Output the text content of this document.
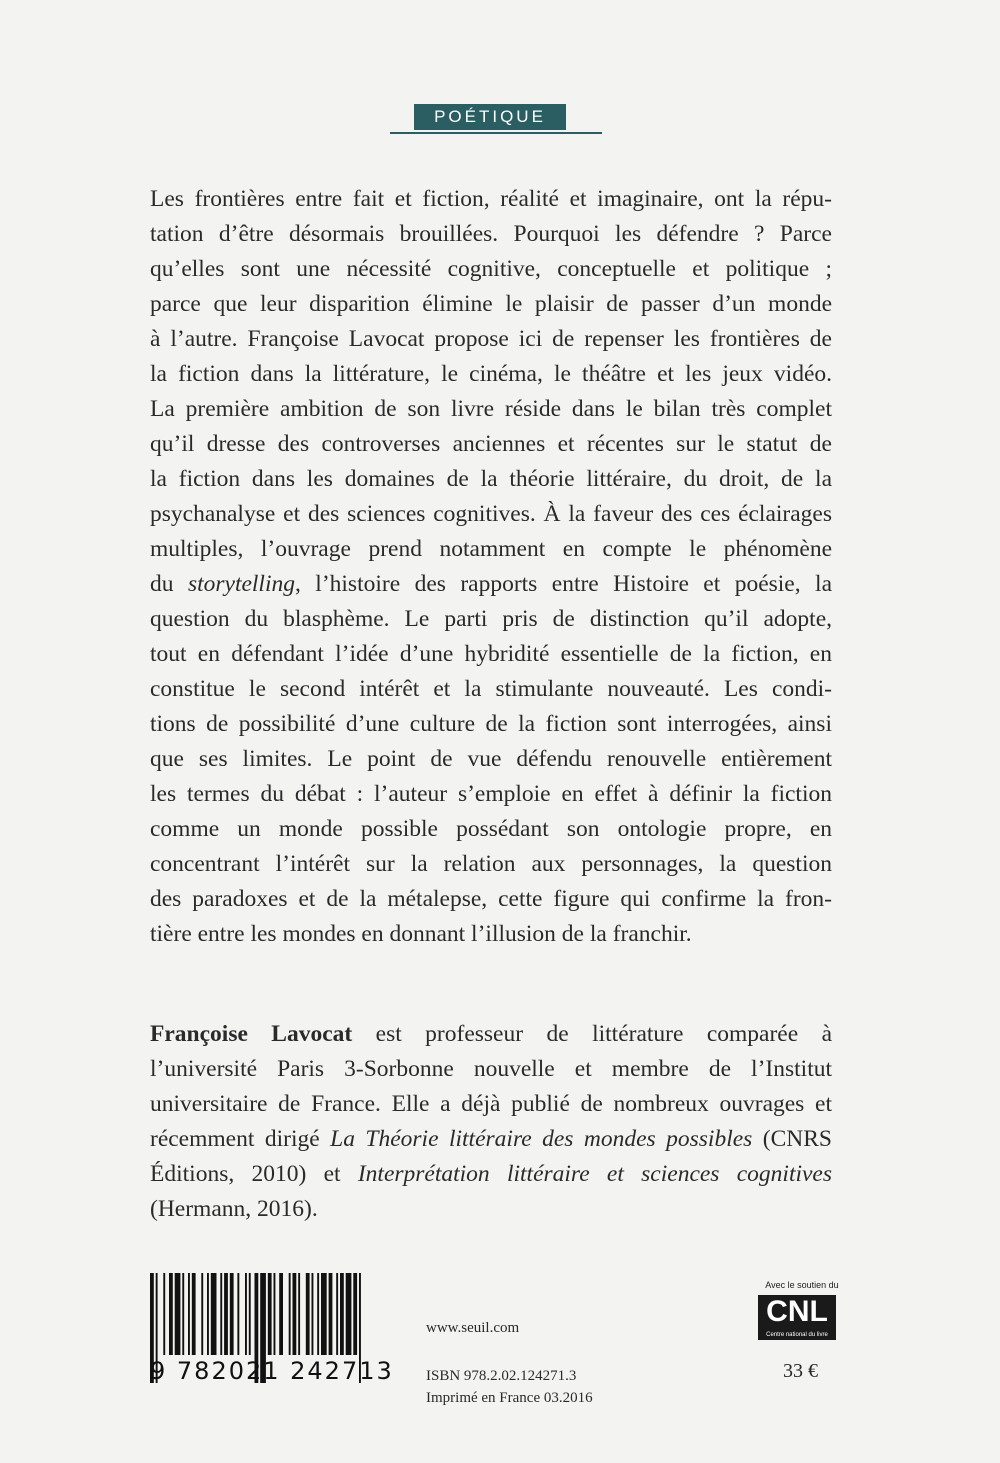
POÉTIQUE
Les frontières entre fait et fiction, réalité et imaginaire, ont la répu-
tation d’être désormais brouillées. Pourquoi les défendre ? Parce
qu’elles sont une nécessité cognitive, conceptuelle et politique ;
parce que leur disparition élimine le plaisir de passer d’un monde
à l’autre. Françoise Lavocat propose ici de repenser les frontières de
la fiction dans la littérature, le cinéma, le théâtre et les jeux vidéo.
La première ambition de son livre réside dans le bilan très complet
qu’il dresse des controverses anciennes et récentes sur le statut de
la fiction dans les domaines de la théorie littéraire, du droit, de la
psychanalyse et des sciences cognitives. À la faveur des ces éclairages
multiples, l’ouvrage prend notamment en compte le phénomène
du storytelling, l’histoire des rapports entre Histoire et poésie, la
question du blasphème. Le parti pris de distinction qu’il adopte,
tout en défendant l’idée d’une hybridité essentielle de la fiction, en
constitue le second intérêt et la stimulante nouveauté. Les condi-
tions de possibilité d’une culture de la fiction sont interrogées, ainsi
que ses limites. Le point de vue défendu renouvelle entièrement
les termes du débat : l’auteur s’emploie en effet à définir la fiction
comme un monde possible possédant son ontologie propre, en
concentrant l’intérêt sur la relation aux personnages, la question
des paradoxes et de la métalepse, cette figure qui confirme la fron-
tière entre les mondes en donnant l’illusion de la franchir.
Françoise Lavocat est professeur de littérature comparée à
l’université Paris 3-Sorbonne nouvelle et membre de l’Institut
universitaire de France. Elle a déjà publié de nombreux ouvrages et
récemment dirigé La Théorie littéraire des mondes possibles (CNRS
Éditions, 2010) et Interprétation littéraire et sciences cognitives
(Hermann, 2016).
9 782021 242713
www.seuil.com
ISBN 978.2.02.124271.3
Imprimé en France 03.2016
Avec le soutien du
CNL
Centre national du livre
33 €
